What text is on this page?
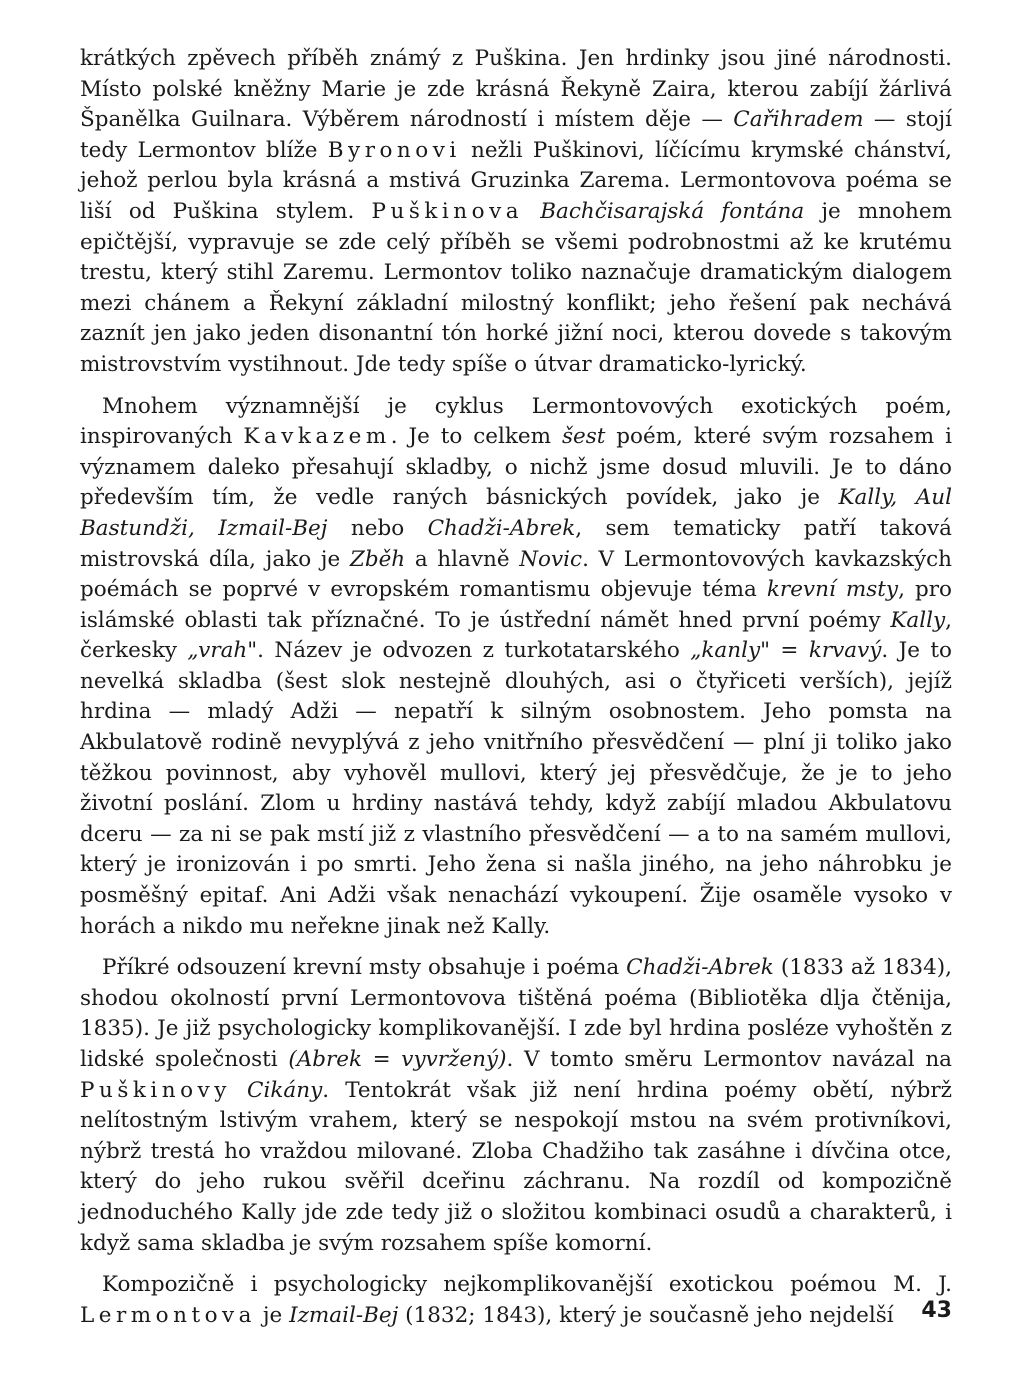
krátkých zpěvech příběh známý z Puškina. Jen hrdinky jsou jiné národnosti. Místo polské kněžny Marie je zde krásná Řekyně Zaira, kterou zabíjí žárlivá Španělka Guilnara. Výběrem národností i místem děje — Cařihradem — stojí tedy Lermontov blíže Byronovi nežli Puškinovi, líčícímu krymské chánství, jehož perlou byla krásná a mstivá Gruzinka Zarema. Lermontovova poéma se liší od Puškina stylem. Puškinova Bachčisarajská fontána je mnohem epičtější, vypravuje se zde celý příběh se všemi podrobnostmi až ke krutému trestu, který stihl Zaremu. Lermontov toliko naznačuje dramatickým dialogem mezi chánem a Řekyní základní milostný konflikt; jeho řešení pak nechává zaznít jen jako jeden disonantní tón horké jižní noci, kterou dovede s takovým mistrovstvím vystihnout. Jde tedy spíše o útvar dramaticko-lyrický.

Mnohem významnější je cyklus Lermontovových exotických poém, inspirovaných Kavkazem. Je to celkem šest poém, které svým rozsahem i významem daleko přesahují skladby, o nichž jsme dosud mluvili. Je to dáno především tím, že vedle raných básnických povídek, jako je Kally, Aul Bastundži, Izmail-Bej nebo Chadži-Abrek, sem tematicky patří taková mistrovská díla, jako je Zběh a hlavně Novic. V Lermontovových kavkazských poémách se poprvé v evropském romantismu objevuje téma krevní msty, pro islámské oblasti tak příznačné. To je ústřední námět hned první poémy Kally, čerkesky „vrah". Název je odvozen z turkotatarského „kanly" = krvavý. Je to nevelká skladba (šest slok nestejně dlouhých, asi o čtyřiceti verších), jejíž hrdina — mladý Adži — nepatří k silným osobnostem. Jeho pomsta na Akbulatově rodině nevyplývá z jeho vnitřního přesvědčení — plní ji toliko jako těžkou povinnost, aby vyhověl mullovi, který jej přesvědčuje, že je to jeho životní poslání. Zlom u hrdiny nastává tehdy, když zabíjí mladou Akbulatovu dceru — za ni se pak mstí již z vlastního přesvědčení — a to na samém mullovi, který je ironizován i po smrti. Jeho žena si našla jiného, na jeho náhrobku je posměšný epitaf. Ani Adži však nenachází vykoupení. Žije osaměle vysoko v horách a nikdo mu neřekne jinak než Kally.

Příkré odsouzení krevní msty obsahuje i poéma Chadži-Abrek (1833 až 1834), shodou okolností první Lermontovova tištěná poéma (Bibliotěka dlja čtěnija, 1835). Je již psychologicky komplikovanější. I zde byl hrdina posléze vyhoštěn z lidské společnosti (Abrek = vyvržený). V tomto směru Lermontov navázal na Puškinovy Cikány. Tentokrát však již není hrdina poémy obětí, nýbrž nelítostným lstivým vrahem, který se nespokojí mstou na svém protivníkovi, nýbrž trestá ho vraždou milované. Zloba Chadžiho tak zasáhne i dívčina otce, který do jeho rukou svěřil dceřinu záchranu. Na rozdíl od kompozičně jednoduchého Kally jde zde tedy již o složitou kombinaci osudů a charakterů, i když sama skladba je svým rozsahem spíše komorní.

Kompozičně i psychologicky nejkomplikovanější exotickou poémou M. J. Lermontova je Izmail-Bej (1832; 1843), který je současně jeho nejdelší	43
